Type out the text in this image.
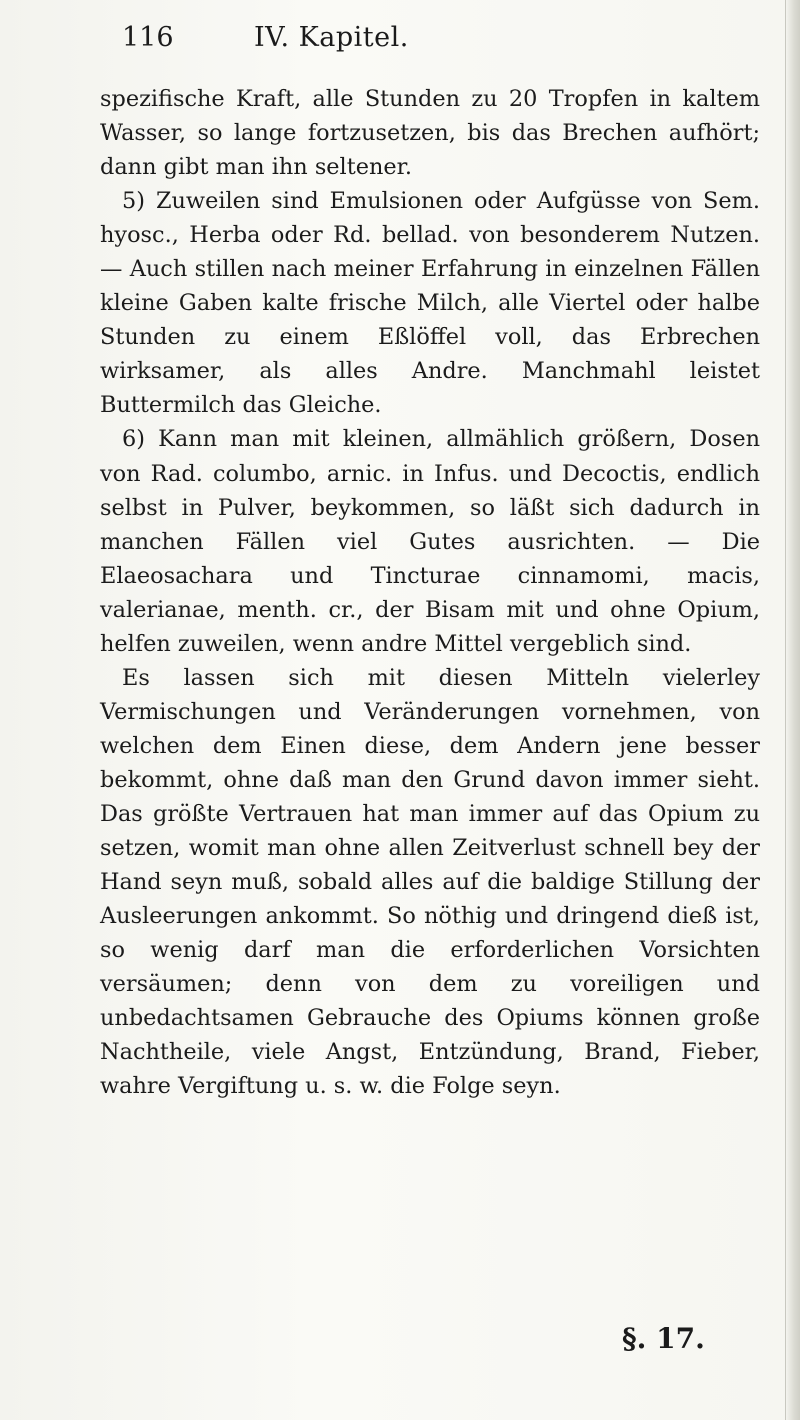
116	IV. Kapitel.

spezifische Kraft, alle Stunden zu 20 Tropfen in kaltem Wasser, so lange fortzusetzen, bis das Brechen aufhört; dann gibt man ihn seltener.

5) Zuweilen sind Emulsionen oder Aufgüsse von Sem. hyosc., Herba oder Rd. bellad. von besonderem Nutzen. — Auch stillen nach meiner Erfahrung in einzelnen Fällen kleine Gaben kalte frische Milch, alle Viertel oder halbe Stunden zu einem Eßlöffel voll, das Erbrechen wirksamer, als alles Andre. Manchmahl leistet Buttermilch das Gleiche.

6) Kann man mit kleinen, allmählich größern, Dosen von Rad. columbo, arnic. in Infus. und Decoctis, endlich selbst in Pulver, beykommen, so läßt sich dadurch in manchen Fällen viel Gutes ausrichten. — Die Elaeosachara und Tincturae cinnamomi, macis, valerianae, menth. cr., der Bisam mit und ohne Opium, helfen zuweilen, wenn andre Mittel vergeblich sind.

Es lassen sich mit diesen Mitteln vielerley Vermischungen und Veränderungen vornehmen, von welchen dem Einen diese, dem Andern jene besser bekommt, ohne daß man den Grund davon immer sieht. Das größte Vertrauen hat man immer auf das Opium zu setzen, womit man ohne allen Zeitverlust schnell bey der Hand seyn muß, sobald alles auf die baldige Stillung der Ausleerungen ankommt. So nöthig und dringend dieß ist, so wenig darf man die erforderlichen Vorsichten versäumen; denn von dem zu voreiligen und unbedachtsamen Gebrauche des Opiums können große Nachtheile, viele Angst, Entzündung, Brand, Fieber, wahre Vergiftung u. s. w. die Folge seyn.

§. 17.
